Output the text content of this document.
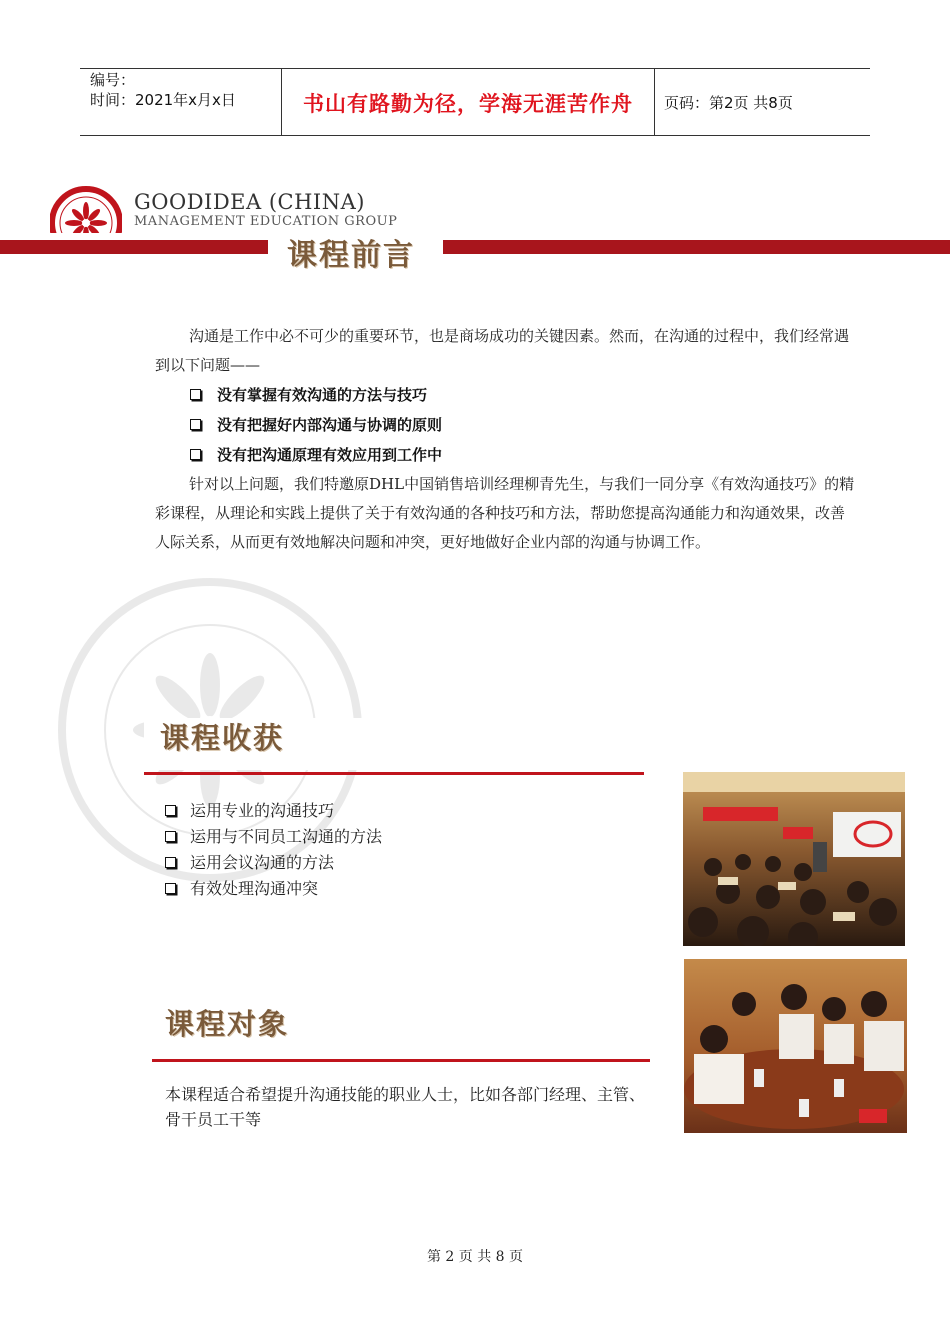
编号：
时间：2021年x月x日	书山有路勤为径，学海无涯苦作舟	页码：第2页 共8页
GOODIDEA (CHINA)
MANAGEMENT EDUCATION GROUP
课程前言
沟通是工作中必不可少的重要环节，也是商场成功的关键因素。然而，在沟通的过程中，我们经常遇到以下问题——
没有掌握有效沟通的方法与技巧
没有把握好内部沟通与协调的原则
没有把沟通原理有效应用到工作中
针对以上问题，我们特邀原DHL中国销售培训经理柳青先生，与我们一同分享《有效沟通技巧》的精彩课程，从理论和实践上提供了关于有效沟通的各种技巧和方法，帮助您提高沟通能力和沟通效果，改善人际关系，从而更有效地解决问题和冲突，更好地做好企业内部的沟通与协调工作。
课程收获
运用专业的沟通技巧
运用与不同员工沟通的方法
运用会议沟通的方法
有效处理沟通冲突
课程对象
本课程适合希望提升沟通技能的职业人士，比如各部门经理、主管、骨干员工干等
第 2 页 共 8 页
